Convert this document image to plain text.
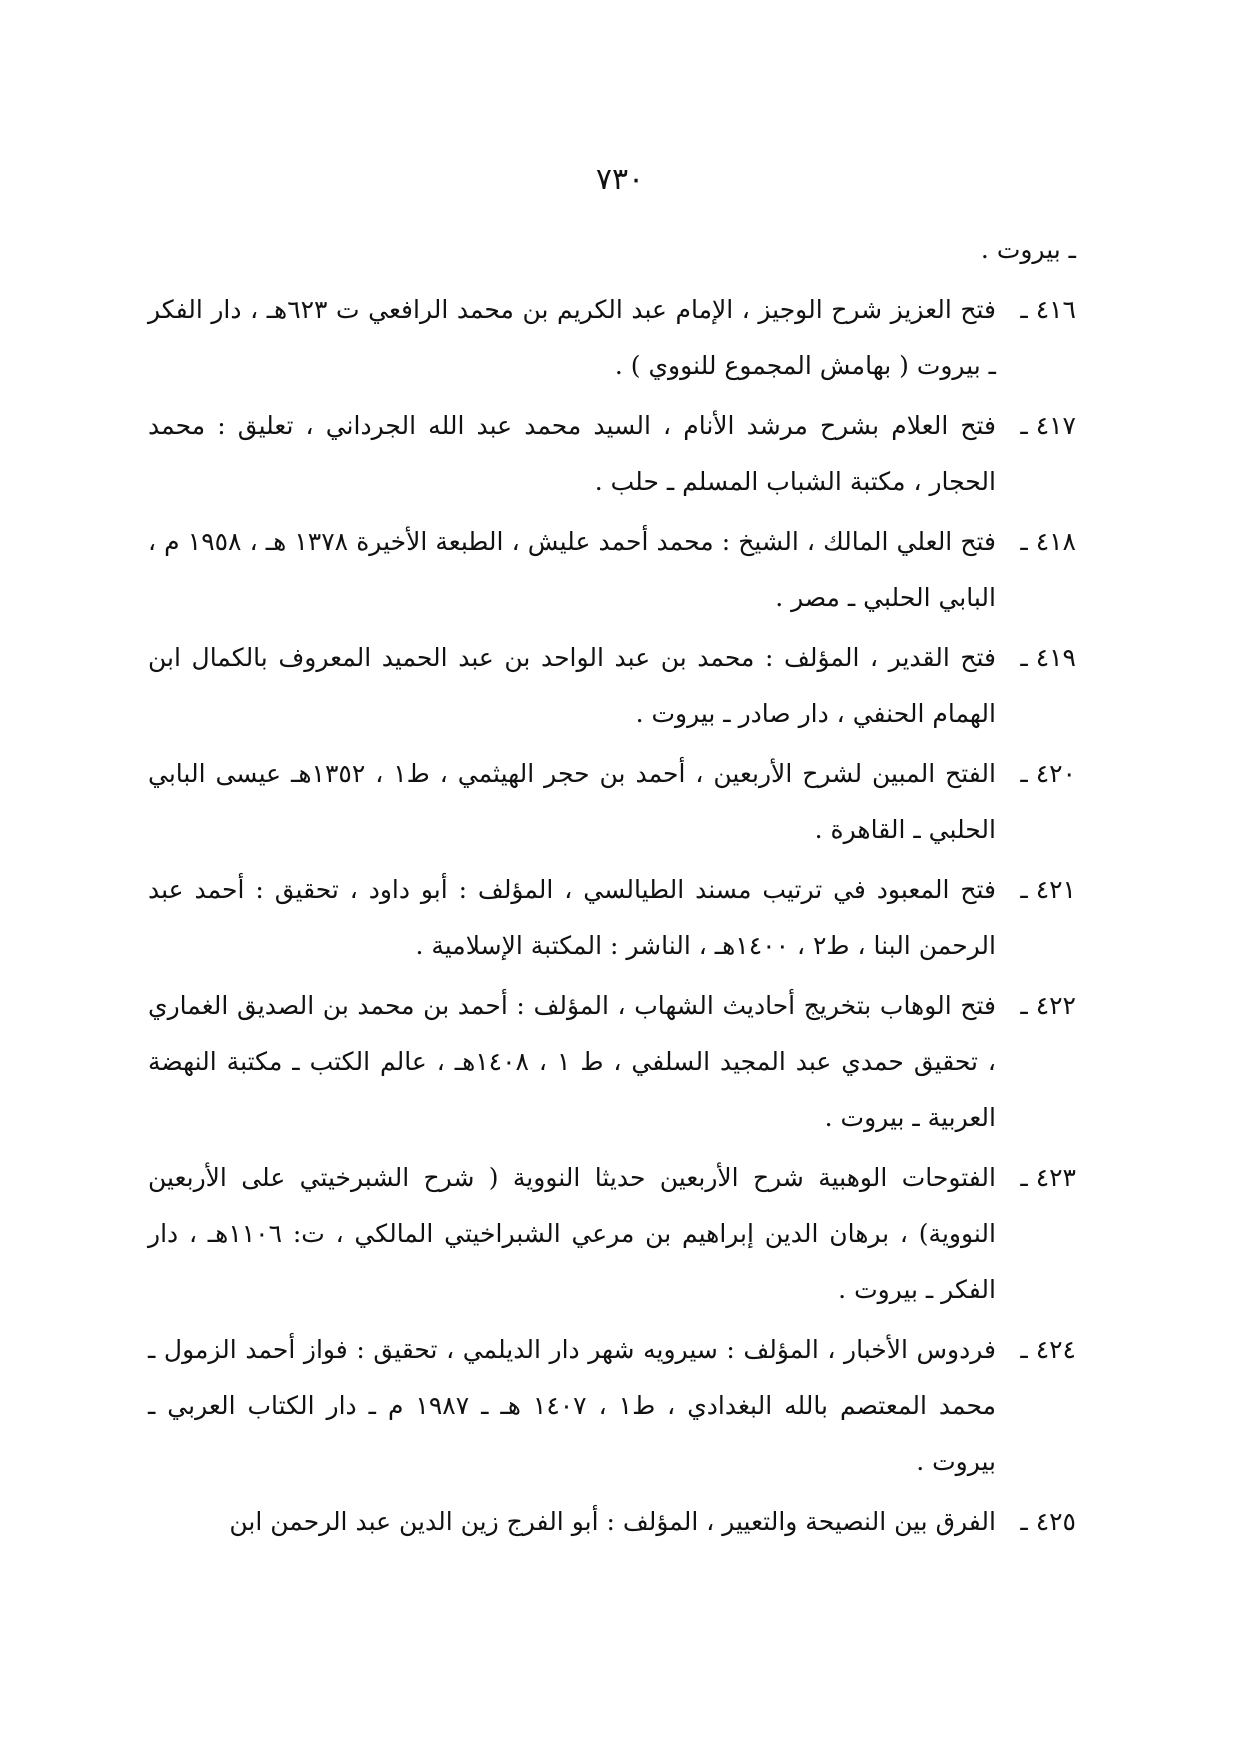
٧٣٠
ـ بيروت .
٤١٦ ـ
فتح العزيز شرح الوجيز ، الإمام عبد الكريم بن محمد الرافعي ت ٦٢٣هـ ، دار الفكر ـ بيروت ( بهامش المجموع للنووي ) .
٤١٧ ـ
فتح العلام بشرح مرشد الأنام ، السيد محمد عبد الله الجرداني ، تعليق : محمد الحجار ، مكتبة الشباب المسلم ـ حلب .
٤١٨ ـ
فتح العلي المالك ، الشيخ : محمد أحمد عليش ، الطبعة الأخيرة ١٣٧٨ هـ ، ١٩٥٨ م ، البابي الحلبي ـ مصر .
٤١٩ ـ
فتح القدير ، المؤلف : محمد بن عبد الواحد بن عبد الحميد المعروف بالكمال ابن الهمام الحنفي ، دار صادر ـ بيروت .
٤٢٠ ـ
الفتح المبين لشرح الأربعين ، أحمد بن حجر الهيثمي ، ط١ ، ١٣٥٢هـ عيسى البابي الحلبي ـ القاهرة .
٤٢١ ـ
فتح المعبود في ترتيب مسند الطيالسي ، المؤلف : أبو داود ، تحقيق : أحمد عبد الرحمن البنا ، ط٢ ، ١٤٠٠هـ ، الناشر : المكتبة الإسلامية .
٤٢٢ ـ
فتح الوهاب بتخريج أحاديث الشهاب ، المؤلف : أحمد بن محمد بن الصديق الغماري ، تحقيق حمدي عبد المجيد السلفي ، ط ١ ، ١٤٠٨هـ ، عالم الكتب ـ مكتبة النهضة العربية ـ بيروت .
٤٢٣ ـ
الفتوحات الوهبية شرح الأربعين حديثا النووية ( شرح الشبرخيتي على الأربعين النووية) ، برهان الدين إبراهيم بن مرعي الشبراخيتي المالكي ، ت: ١١٠٦هـ ، دار الفكر ـ بيروت .
٤٢٤ ـ
فردوس الأخبار ، المؤلف : سيرويه شهر دار الديلمي ، تحقيق : فواز أحمد الزمول ـ محمد المعتصم بالله البغدادي ، ط١ ، ١٤٠٧ هـ ـ ١٩٨٧ م ـ دار الكتاب العربي ـ بيروت .
٤٢٥ ـ
الفرق بين النصيحة والتعيير ، المؤلف : أبو الفرج زين الدين عبد الرحمن ابن
